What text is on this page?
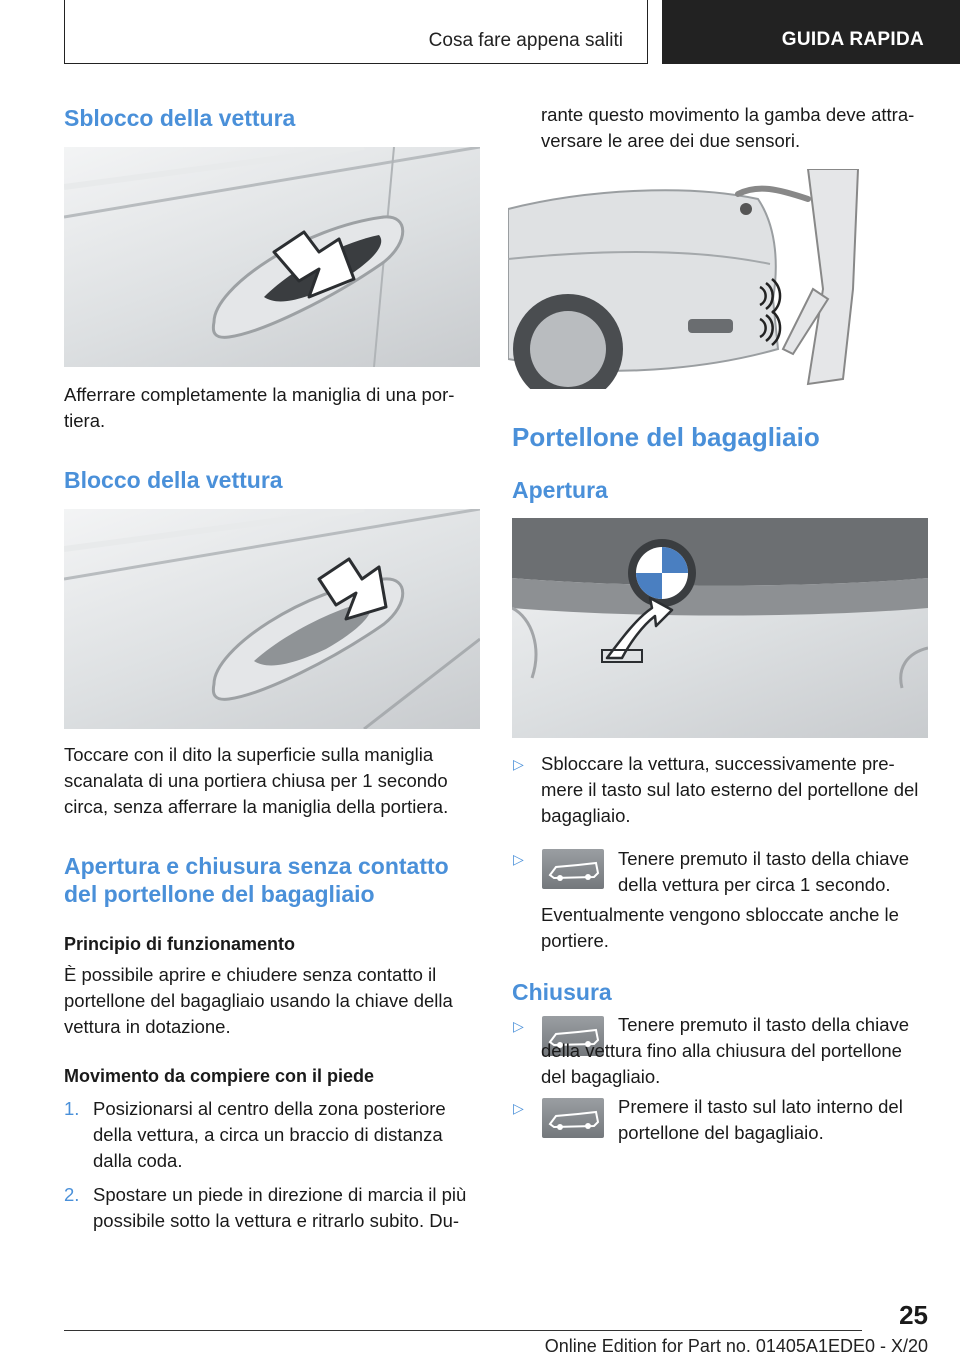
Cosa fare appena saliti	GUIDA RAPIDA
Sblocco della vettura

Afferrare completamente la maniglia di una por-tiera.

Blocco della vettura

Toccare con il dito la superficie sulla maniglia scanalata di una portiera chiusa per 1 secondo circa, senza afferrare la maniglia della portiera.

Apertura e chiusura senza contatto del portellone del bagagliaio
Principio di funzionamento

È possibile aprire e chiudere senza contatto il portellone del bagagliaio usando la chiave della vettura in dotazione.

Movimento da compiere con il piede
1. Posizionarsi al centro della zona posteriore della vettura, a circa un braccio di distanza dalla coda.
2. Spostare un piede in direzione di marcia il più possibile sotto la vettura e ritrarlo subito. Du-

rante questo movimento la gamba deve attra-versare le aree dei due sensori.

Portellone del bagagliaio
Apertura
▷ Sbloccare la vettura, successivamente pre-mere il tasto sul lato esterno del portellone del bagagliaio.

▷	Tenere premuto il tasto della chiave della vettura per circa 1 secondo.

Eventualmente vengono sbloccate anche le portiere.

Chiusura
▷	Tenere premuto il tasto della chiave della vettura fino alla chiusura del portellone del bagagliaio.

▷	Premere il tasto sul lato interno del portellone del bagagliaio.

25
Online Edition for Part no. 01405A1EDE0 - X/20
